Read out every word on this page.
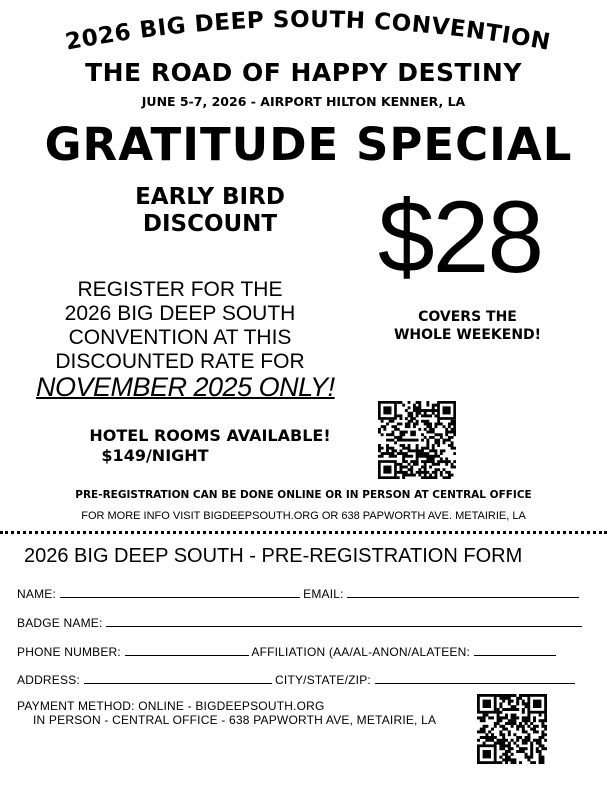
2026 BIG DEEP SOUTH CONVENTION
THE ROAD OF HAPPY DESTINY
JUNE 5-7, 2026 - AIRPORT HILTON KENNER, LA
GRATITUDE SPECIAL
EARLY BIRD
DISCOUNT $28
COVERS THE
WHOLE WEEKEND!
REGISTER FOR THE
2026 BIG DEEP SOUTH
CONVENTION AT THIS
DISCOUNTED RATE FOR
NOVEMBER 2025 ONLY!
HOTEL ROOMS AVAILABLE!
$149/NIGHT
PRE-REGISTRATION CAN BE DONE ONLINE OR IN PERSON AT CENTRAL OFFICE
FOR MORE INFO VISIT BIGDEEPSOUTH.ORG OR 638 PAPWORTH AVE. METAIRIE, LA
2026 BIG DEEP SOUTH - PRE-REGISTRATION FORM
NAME:	EMAIL:
BADGE NAME:
PHONE NUMBER:	AFFILIATION (AA/AL-ANON/ALATEEN:
ADDRESS:	CITY/STATE/ZIP:
PAYMENT METHOD: ONLINE - BIGDEEPSOUTH.ORG
IN PERSON - CENTRAL OFFICE - 638 PAPWORTH AVE, METAIRIE, LA
